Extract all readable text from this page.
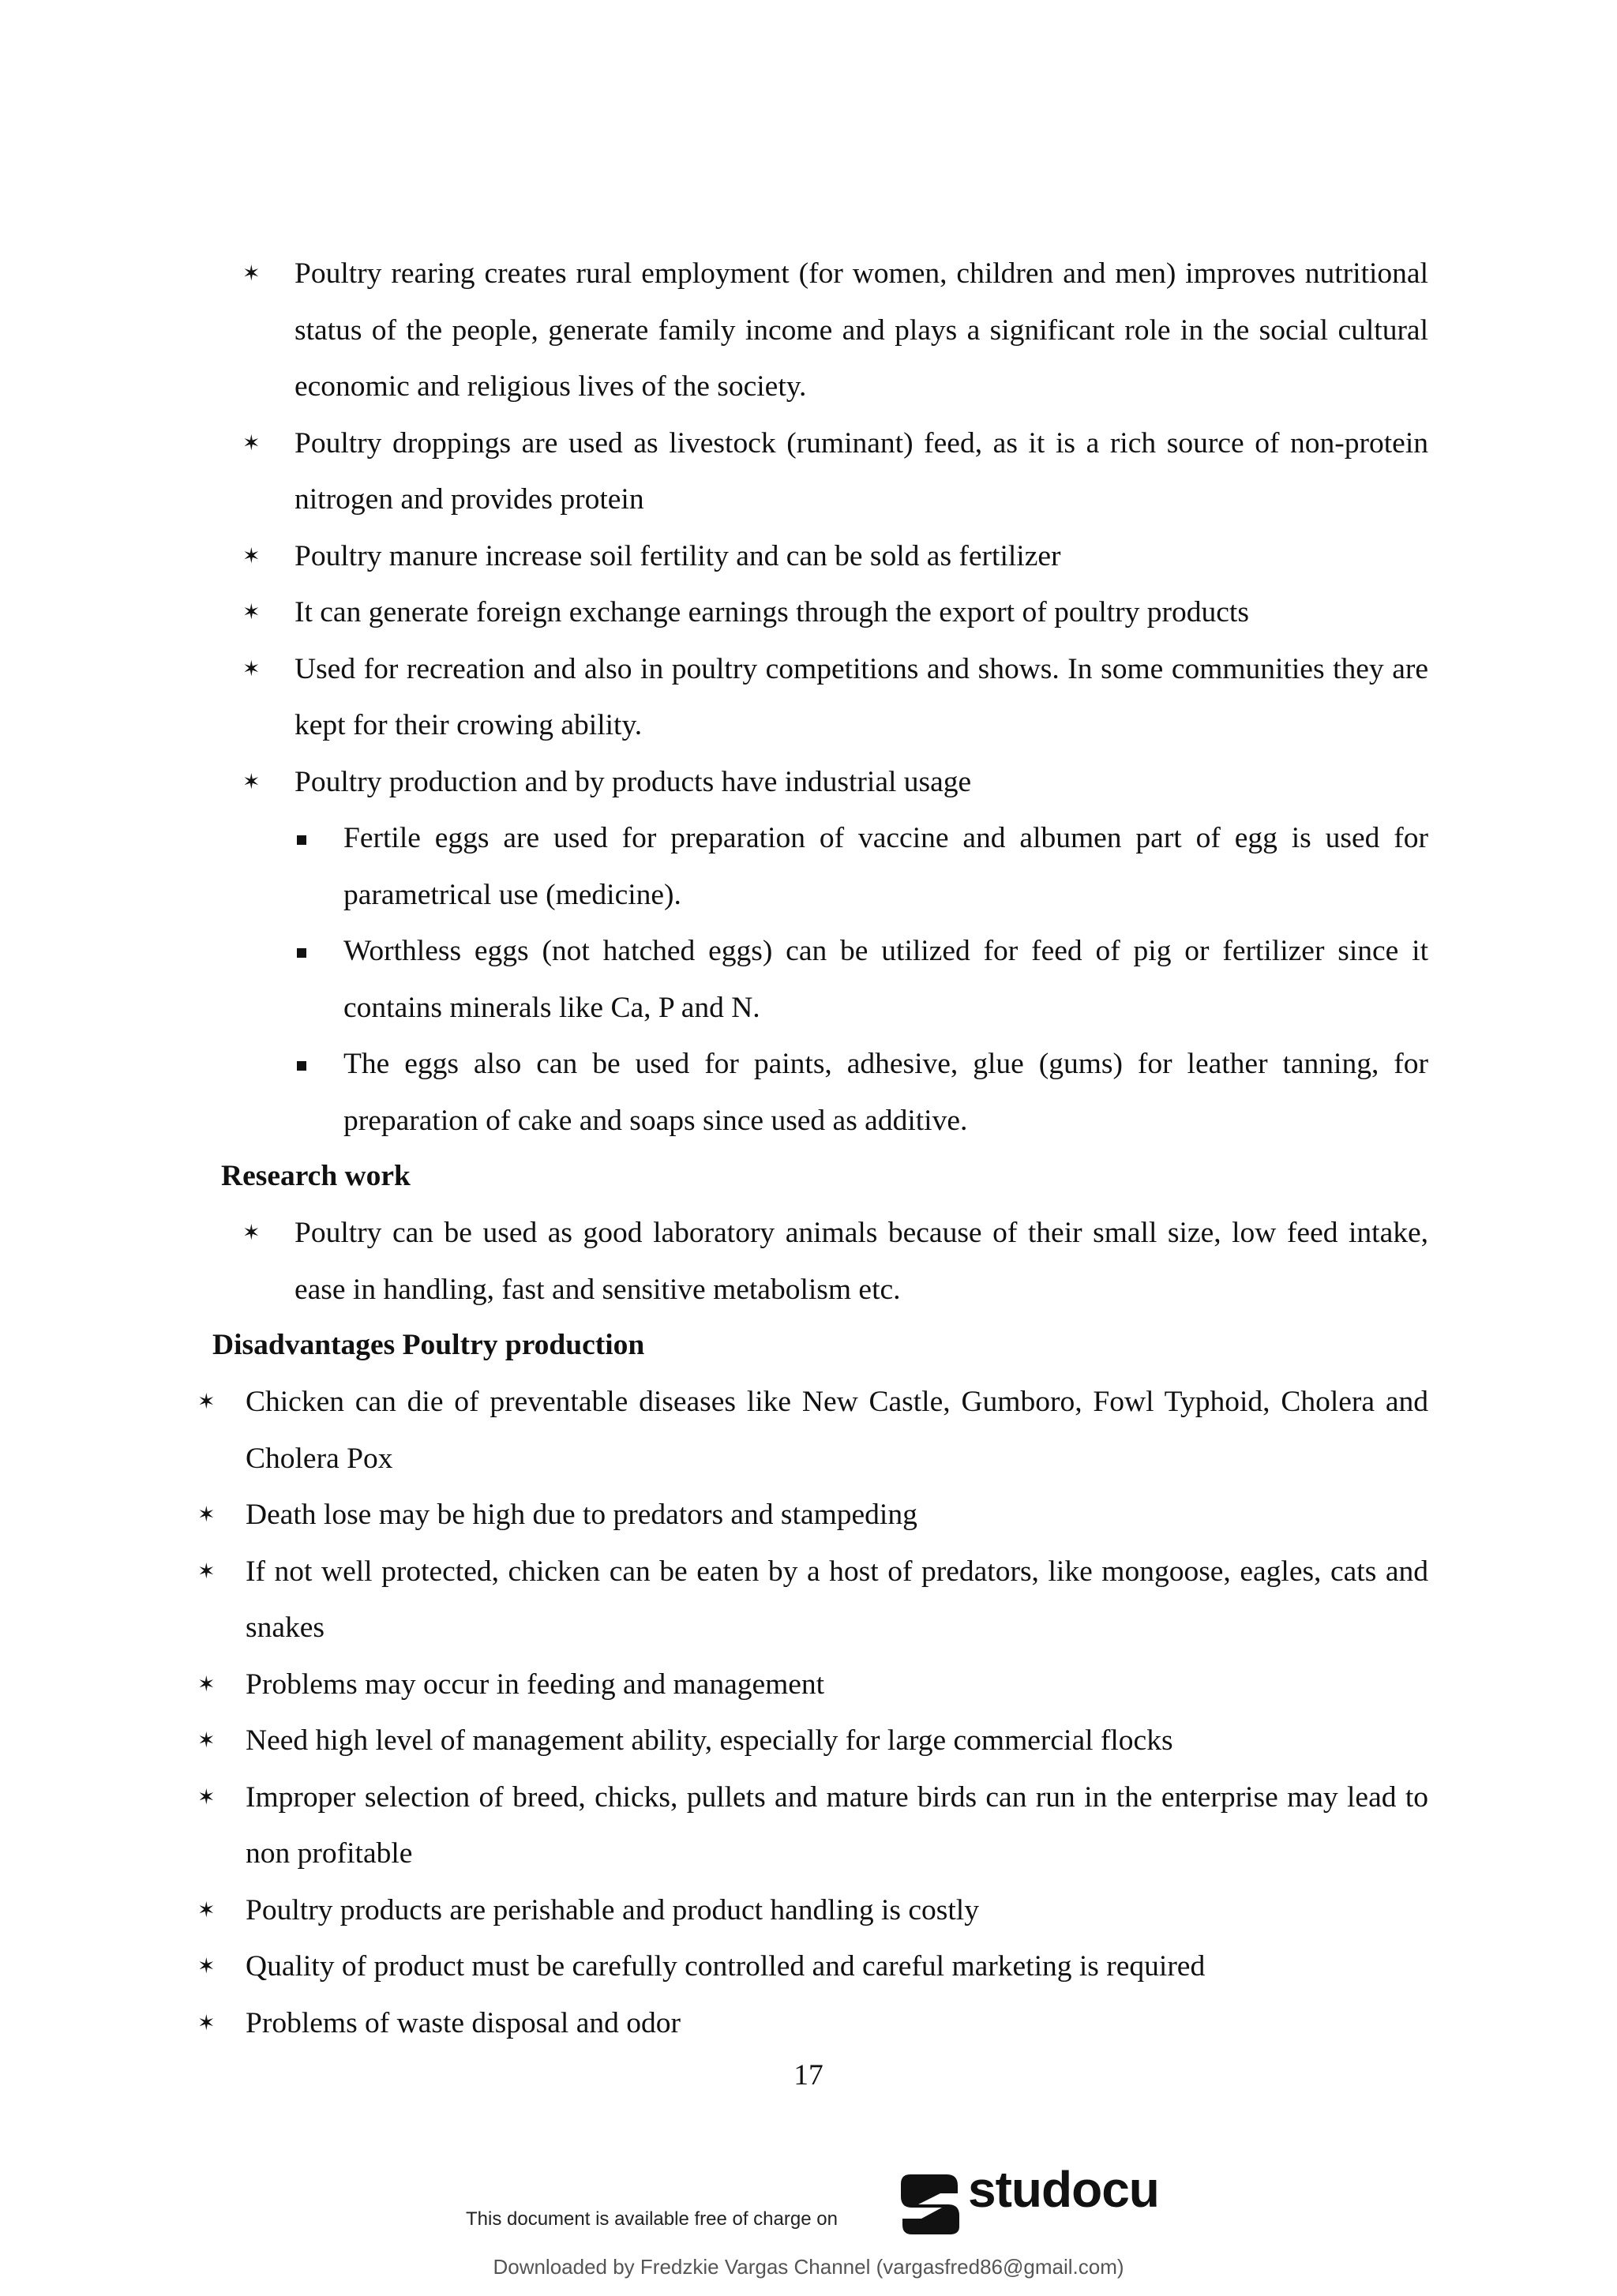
✶ Poultry rearing creates rural employment (for women, children and men) improves nutritional status of the people, generate family income and plays a significant role in the social cultural economic and religious lives of the society.
✶ Poultry droppings are used as livestock (ruminant) feed, as it is a rich source of non-protein nitrogen and provides protein
✶ Poultry manure increase soil fertility and can be sold as fertilizer
✶ It can generate foreign exchange earnings through the export of poultry products
✶ Used for recreation and also in poultry competitions and shows. In some communities they are kept for their crowing ability.
✶ Poultry production and by products have industrial usage
Fertile eggs are used for preparation of vaccine and albumen part of egg is used for parametrical use (medicine).
Worthless eggs (not hatched eggs) can be utilized for feed of pig or fertilizer since it contains minerals like Ca, P and N.
The eggs also can be used for paints, adhesive, glue (gums) for leather tanning, for preparation of cake and soaps since used as additive.
Research work
✶ Poultry can be used as good laboratory animals because of their small size, low feed intake, ease in handling, fast and sensitive metabolism etc.
Disadvantages Poultry production
✶ Chicken can die of preventable diseases like New Castle, Gumboro, Fowl Typhoid, Cholera and Cholera Pox
✶ Death lose may be high due to predators and stampeding
✶ If not well protected, chicken can be eaten by a host of predators, like mongoose, eagles, cats and snakes
✶ Problems may occur in feeding and management
✶ Need high level of management ability, especially for large commercial flocks
✶ Improper selection of breed, chicks, pullets and mature birds can run in the enterprise may lead to non profitable
✶ Poultry products are perishable and product handling is costly
✶ Quality of product must be carefully controlled and careful marketing is required
✶ Problems of waste disposal and odor

17

This document is available free of charge on
studocu
Downloaded by Fredzkie Vargas Channel (vargasfred86@gmail.com)
